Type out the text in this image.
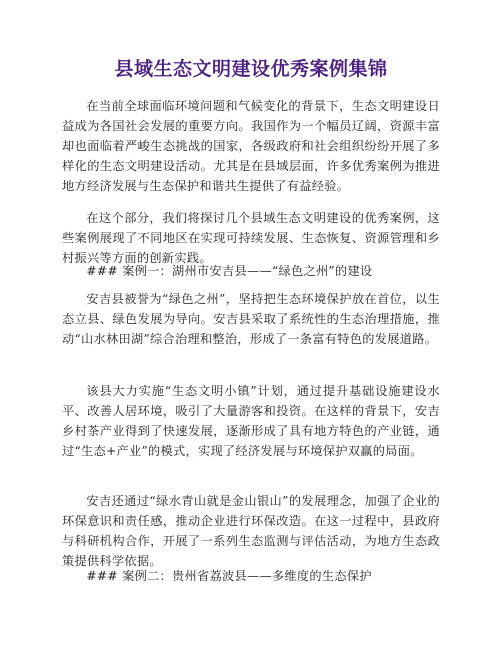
县域生态文明建设优秀案例集锦
在当前全球面临环境问题和气候变化的背景下，生态文明建设日益成为各国社会发展的重要方向。我国作为一个幅员辽阔，资源丰富却也面临着严峻生态挑战的国家，各级政府和社会组织纷纷开展了多样化的生态文明建设活动。尤其是在县域层面，许多优秀案例为推进地方经济发展与生态保护和谐共生提供了有益经验。
在这个部分，我们将探讨几个县域生态文明建设的优秀案例，这些案例展现了不同地区在实现可持续发展、生态恢复、资源管理和乡村振兴等方面的创新实践。
### 案例一：湖州市安吉县——“绿色之州”的建设
安吉县被誉为“绿色之州”，坚持把生态环境保护放在首位，以生态立县、绿色发展为导向。安吉县采取了系统性的生态治理措施，推动“山水林田湖”综合治理和整治，形成了一条富有特色的发展道路。
该县大力实施“生态文明小镇”计划，通过提升基础设施建设水平、改善人居环境，吸引了大量游客和投资。在这样的背景下，安吉乡村茶产业得到了快速发展，逐渐形成了具有地方特色的产业链，通过“生态+产业”的模式，实现了经济发展与环境保护双赢的局面。
安吉还通过“绿水青山就是金山银山”的发展理念，加强了企业的环保意识和责任感，推动企业进行环保改造。在这一过程中，县政府与科研机构合作，开展了一系列生态监测与评估活动，为地方生态政策提供科学依据。
### 案例二：贵州省荔波县——多维度的生态保护
